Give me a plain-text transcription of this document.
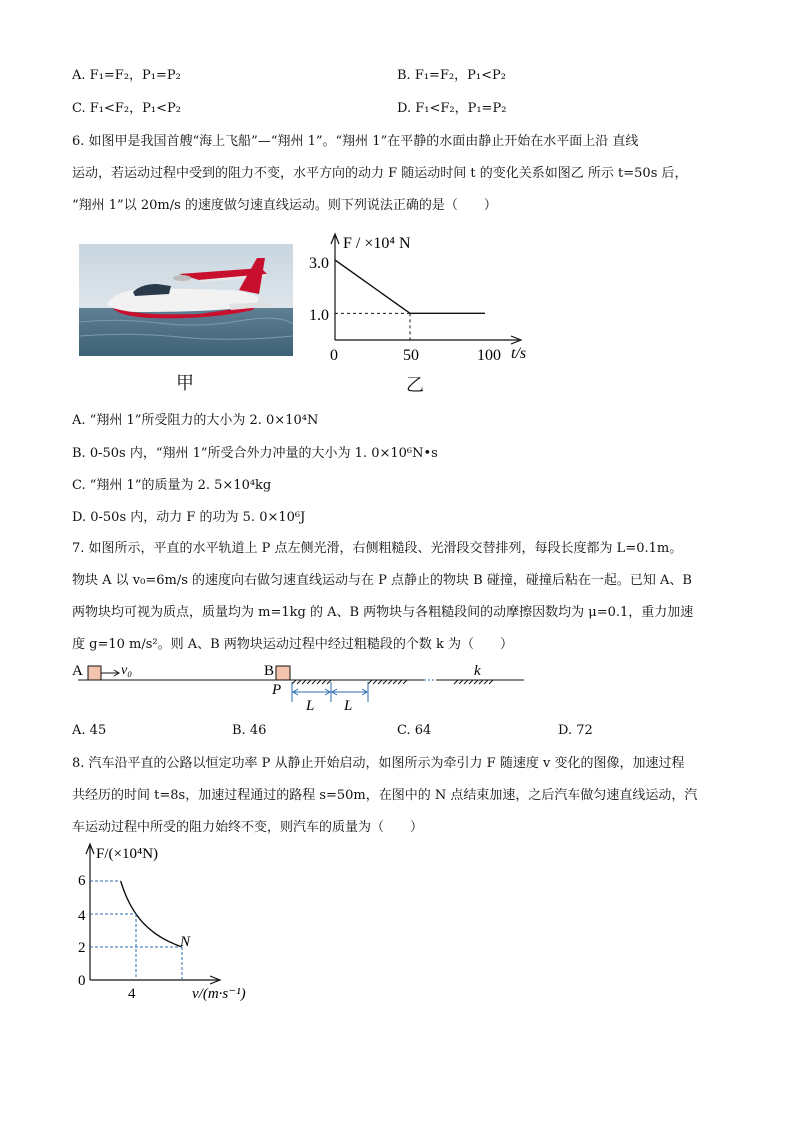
A. F₁=F₂，P₁=P₂	B. F₁=F₂，P₁<P₂
C. F₁<F₂，P₁<P₂	D. F₁<F₂，P₁=P₂
6. 如图甲是我国首艘“海上飞船”—“翔州 1”。“翔州 1”在平静的水面由静止开始在水平面上沿 直线
运动，若运动过程中受到的阻力不变，水平方向的动力 F 随运动时间 t 的变化关系如图乙 所示 t=50s 后，
“翔州 1”以 20m/s 的速度做匀速直线运动。则下列说法正确的是（　　）
F / ×10⁴ N
t/s
3.0
1.0
0	50	100
甲	乙
A. “翔州 1”所受阻力的大小为 2. 0×10⁴N
B. 0-50s 内，“翔州 1”所受合外力冲量的大小为 1. 0×10⁶N•s
C. “翔州 1”的质量为 2. 5×10⁴kg
D. 0-50s 内，动力 F 的功为 5. 0×10⁶J
7. 如图所示，平直的水平轨道上 P 点左侧光滑，右侧粗糙段、光滑段交替排列，每段长度都为 L=0.1m。
物块 A 以 v₀=6m/s 的速度向右做匀速直线运动与在 P 点静止的物块 B 碰撞，碰撞后粘在一起。已知 A、B
两物块均可视为质点，质量均为 m=1kg 的 A、B 两物块与各粗糙段间的动摩擦因数均为 μ=0.1，重力加速
度 g=10 m/s²。则 A、B 两物块运动过程中经过粗糙段的个数 k 为（　　）
A	v₀	B
P
k
L L
A. 45	B. 46	C. 64	D. 72
8. 汽车沿平直的公路以恒定功率 P 从静止开始启动，如图所示为牵引力 F 随速度 v 变化的图像，加速过程
共经历的时间 t=8s，加速过程通过的路程 s=50m，在图中的 N 点结束加速，之后汽车做匀速直线运动，汽
车运动过程中所受的阻力始终不变，则汽车的质量为（　　）
F/(×10⁴N)
v/(m·s⁻¹)
0
2
4
6
4
N
